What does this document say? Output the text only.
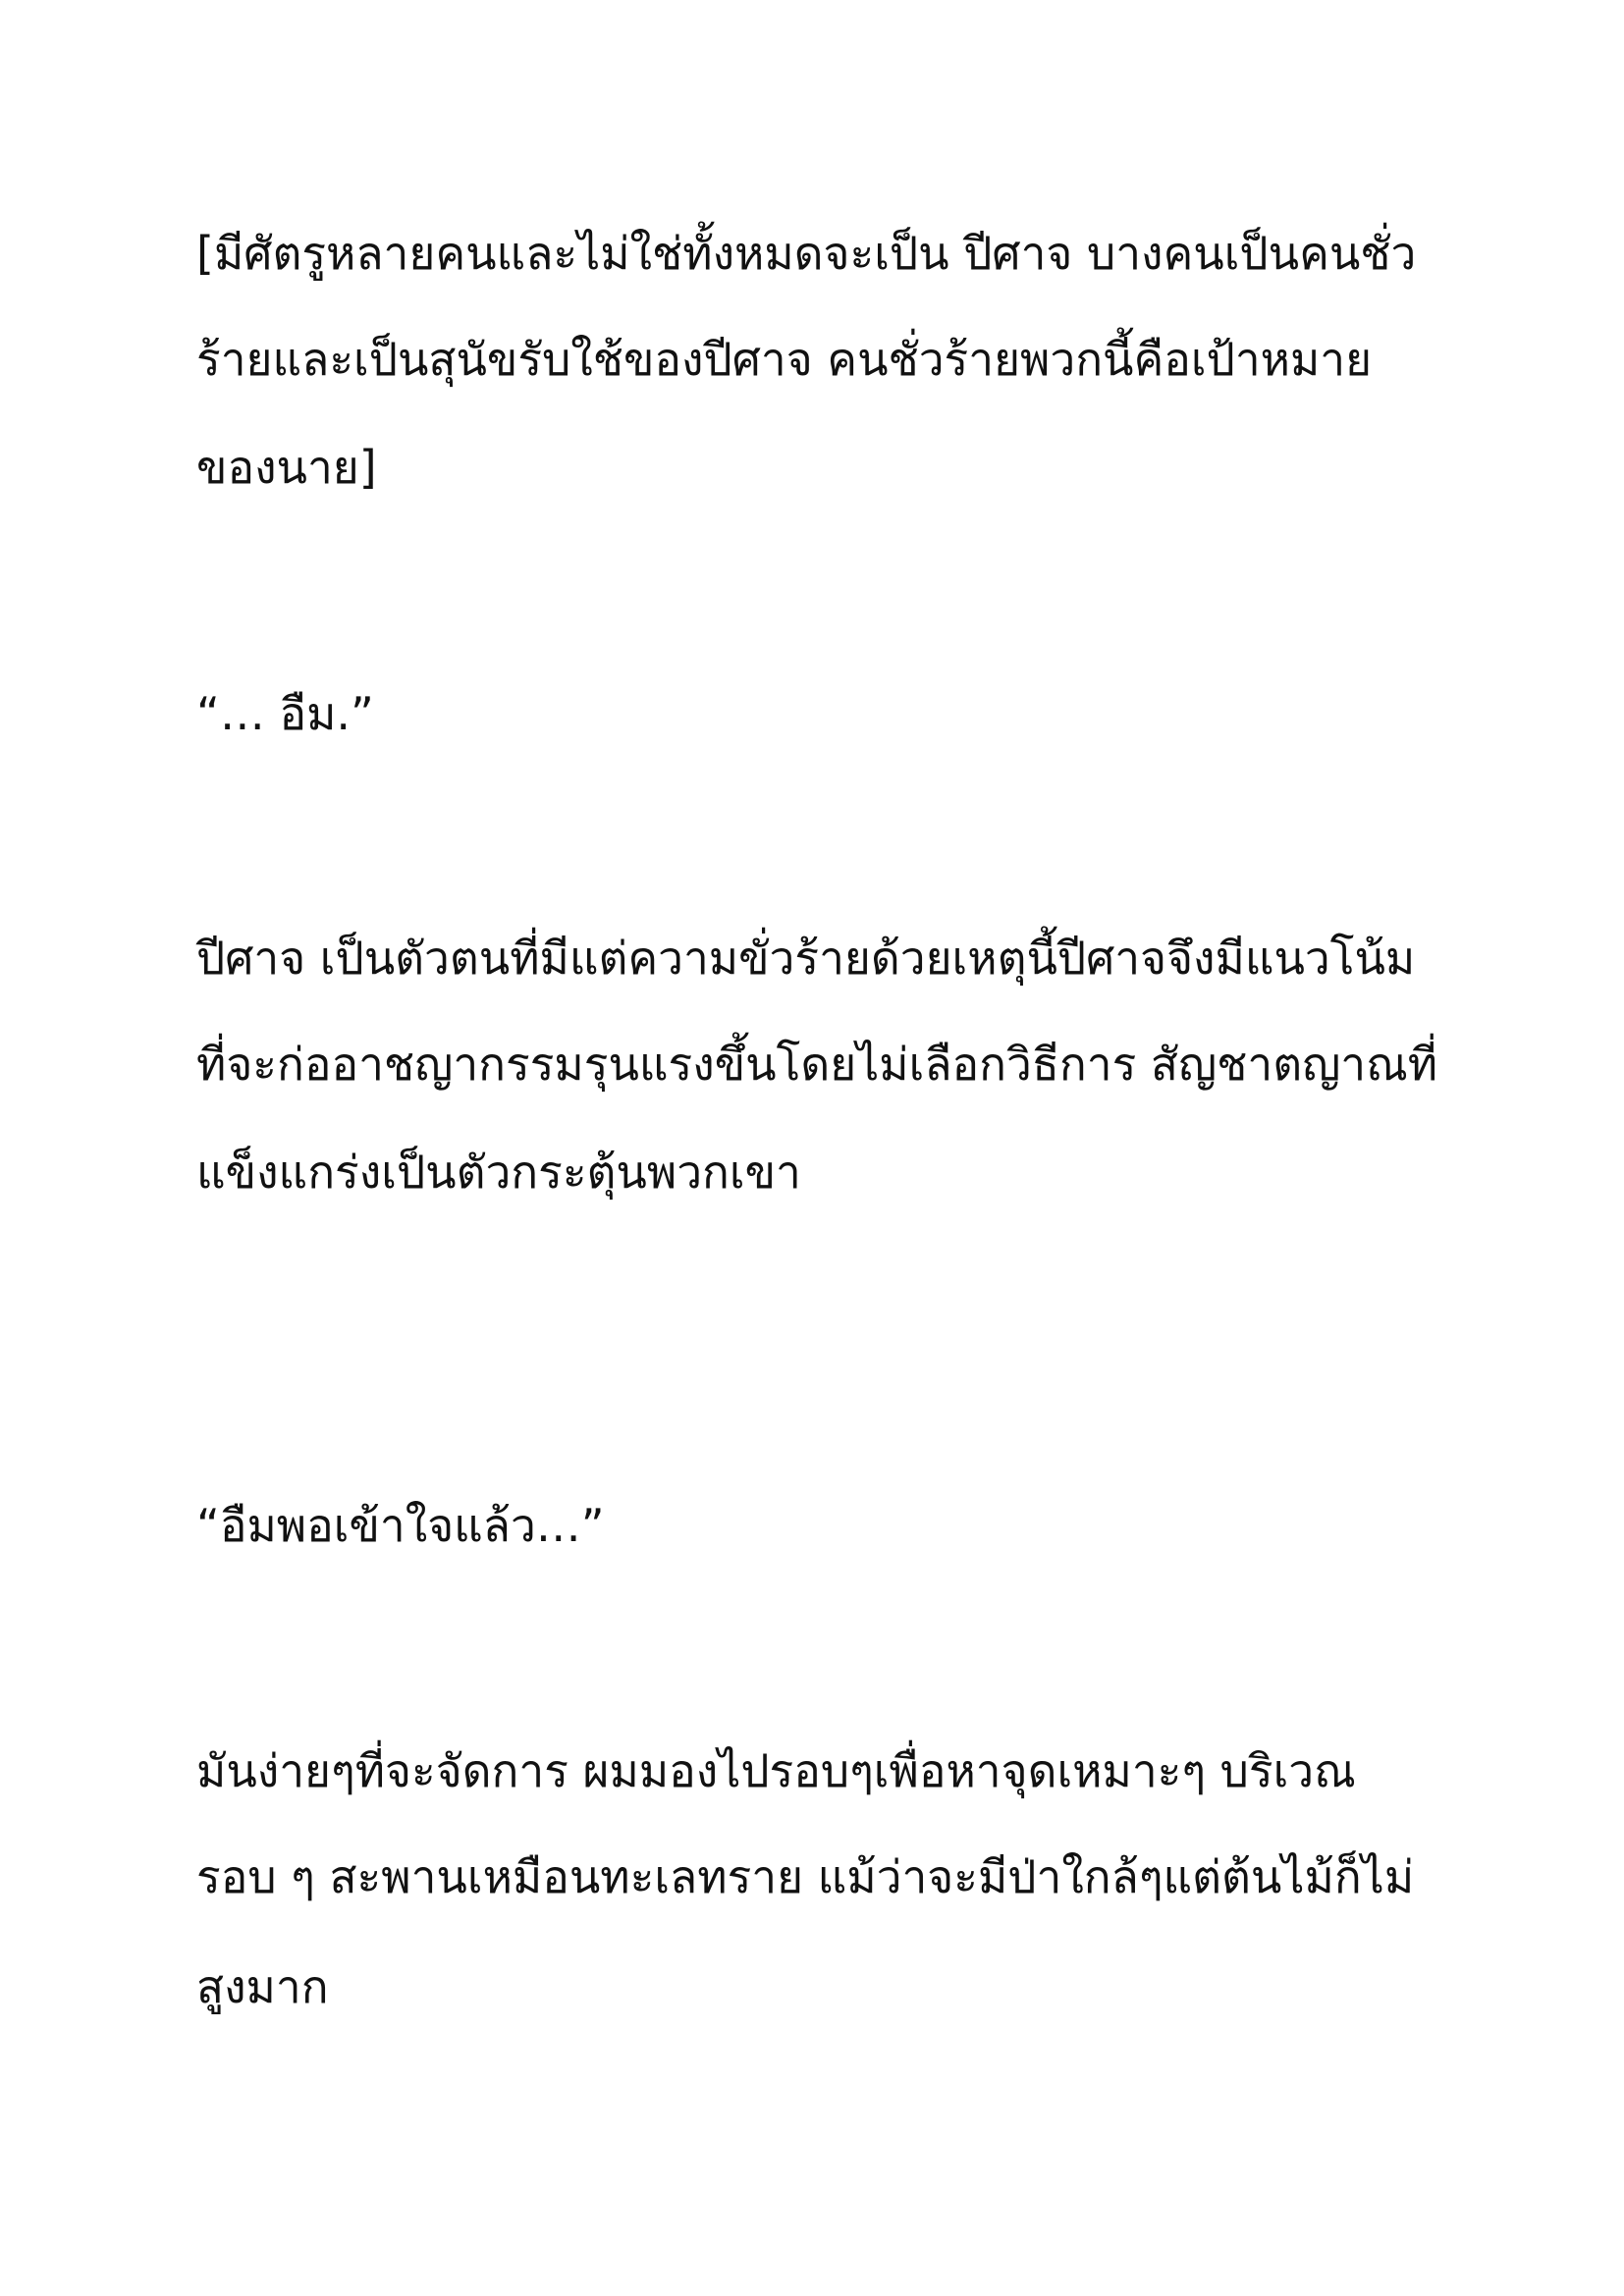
[มีศัตรูหลายคนและไม่ใช่ทั้งหมดจะเป็น ปีศาจ บางคนเป็นคนชั่ว
ร้ายและเป็นสุนัขรับใช้ของปีศาจ คนชั่วร้ายพวกนี้คือเป้าหมาย
ของนาย]
“… อืม.”
ปีศาจ เป็นตัวตนที่มีแต่ความขั่วร้ายด้วยเหตุนี้ปีศาจจึงมีแนวโน้ม
ที่จะก่ออาชญากรรมรุนแรงขึ้นโดยไม่เลือกวิธีการ สัญชาตญาณที่
แข็งแกร่งเป็นตัวกระตุ้นพวกเขา
“อืมพอเข้าใจแล้ว…”
มันง่ายๆที่จะจัดการ ผมมองไปรอบๆเพื่อหาจุดเหมาะๆ บริเวณ
รอบ ๆ สะพานเหมือนทะเลทราย แม้ว่าจะมีป่าใกล้ๆแต่ต้นไม้ก็ไม่
สูงมาก
